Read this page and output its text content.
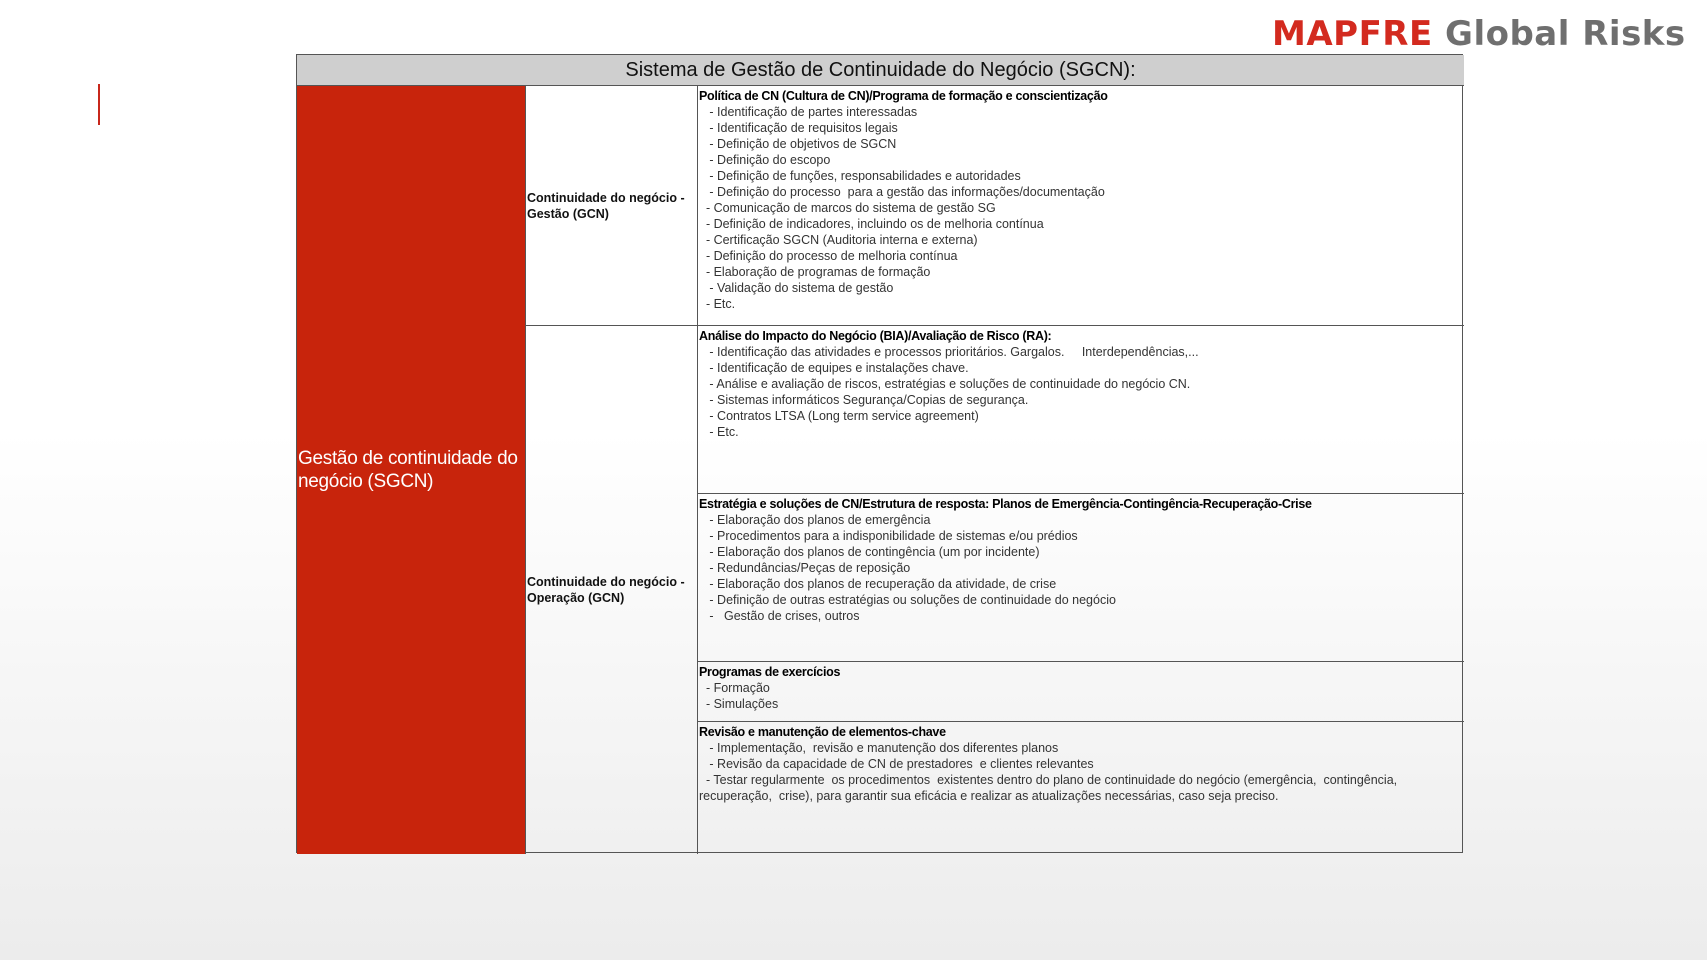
MAPFRE Global Risks
Sistema de Gestão de Continuidade do Negócio (SGCN):
Gestão de continuidade do negócio (SGCN)
Continuidade do negócio - Gestão (GCN)
Continuidade do negócio - Operação (GCN)
Política de CN (Cultura de CN)/Programa de formação e conscientização
- Identificação de partes interessadas
- Identificação de requisitos legais
- Definição de objetivos de SGCN
- Definição do escopo
- Definição de funções, responsabilidades e autoridades
- Definição do processo  para a gestão das informações/documentação
- Comunicação de marcos do sistema de gestão SG
- Definição de indicadores, incluindo os de melhoria contínua
- Certificação SGCN (Auditoria interna e externa)
- Definição do processo de melhoria contínua
- Elaboração de programas de formação
- Validação do sistema de gestão
- Etc.
Análise do Impacto do Negócio (BIA)/Avaliação de Risco (RA):
- Identificação das atividades e processos prioritários. Gargalos.     Interdependências,...
- Identificação de equipes e instalações chave.
- Análise e avaliação de riscos, estratégias e soluções de continuidade do negócio CN.
- Sistemas informáticos Segurança/Copias de segurança.
- Contratos LTSA (Long term service agreement)
- Etc.
Estratégia e soluções de CN/Estrutura de resposta: Planos de Emergência-Contingência-Recuperação-Crise
- Elaboração dos planos de emergência
- Procedimentos para a indisponibilidade de sistemas e/ou prédios
- Elaboração dos planos de contingência (um por incidente)
- Redundâncias/Peças de reposição
- Elaboração dos planos de recuperação da atividade, de crise
- Definição de outras estratégias ou soluções de continuidade do negócio
-   Gestão de crises, outros
Programas de exercícios
- Formação
- Simulações
Revisão e manutenção de elementos-chave
- Implementação,  revisão e manutenção dos diferentes planos
- Revisão da capacidade de CN de prestadores  e clientes relevantes
- Testar regularmente  os procedimentos  existentes dentro do plano de continuidade do negócio (emergência,  contingência, recuperação,  crise), para garantir sua eficácia e realizar as atualizações necessárias, caso seja preciso.
